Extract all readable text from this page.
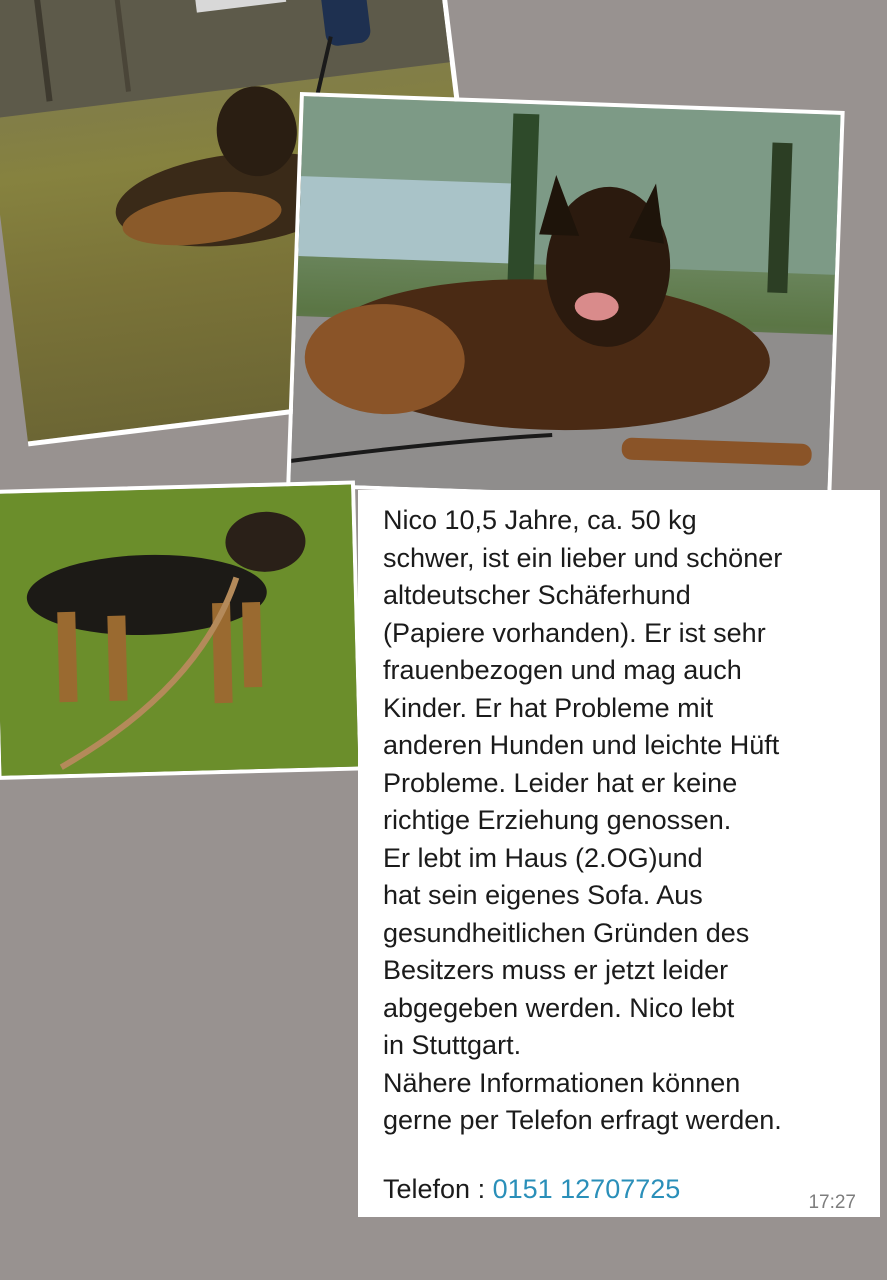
Nico 10,5 Jahre, ca. 50 kg
schwer, ist ein lieber und schöner
altdeutscher Schäferhund
(Papiere vorhanden). Er ist sehr
frauenbezogen und mag auch
Kinder. Er hat Probleme mit
anderen Hunden und leichte Hüft
Probleme. Leider hat er keine
richtige Erziehung genossen.
Er lebt im Haus (2.OG)und
hat sein eigenes Sofa. Aus
gesundheitlichen Gründen des
Besitzers muss er jetzt leider
abgegeben werden. Nico lebt
in Stuttgart.
Nähere Informationen können
gerne per Telefon erfragt werden.
Telefon : 0151 12707725	17:27
